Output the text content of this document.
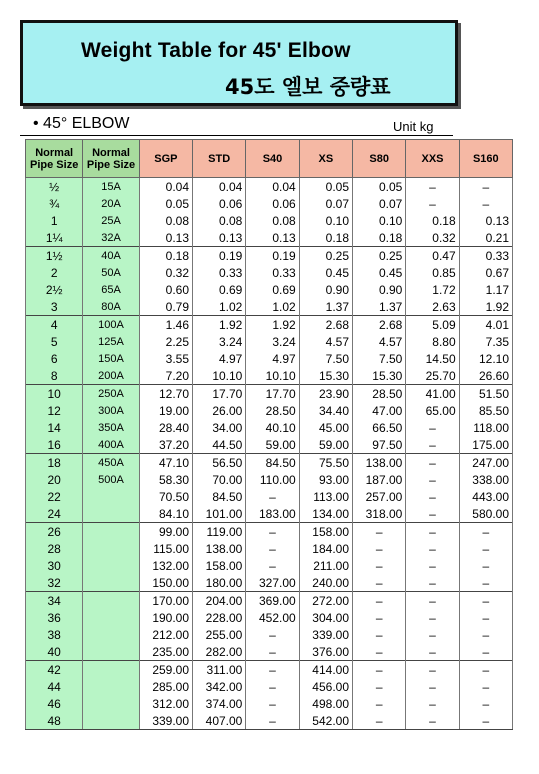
Weight Table for 45' Elbow
45도 엘보 중량표
• 45° ELBOW	Unit kg
Normal Pipe Size	Normal Pipe Size	SGP	STD	S40	XS	S80	XXS	S160
½	15A	0.04	0.04	0.04	0.05	0.05	–	–
¾	20A	0.05	0.06	0.06	0.07	0.07	–	–
1	25A	0.08	0.08	0.08	0.10	0.10	0.18	0.13
1¼	32A	0.13	0.13	0.13	0.18	0.18	0.32	0.21
1½	40A	0.18	0.19	0.19	0.25	0.25	0.47	0.33
2	50A	0.32	0.33	0.33	0.45	0.45	0.85	0.67
2½	65A	0.60	0.69	0.69	0.90	0.90	1.72	1.17
3	80A	0.79	1.02	1.02	1.37	1.37	2.63	1.92
4	100A	1.46	1.92	1.92	2.68	2.68	5.09	4.01
5	125A	2.25	3.24	3.24	4.57	4.57	8.80	7.35
6	150A	3.55	4.97	4.97	7.50	7.50	14.50	12.10
8	200A	7.20	10.10	10.10	15.30	15.30	25.70	26.60
10	250A	12.70	17.70	17.70	23.90	28.50	41.00	51.50
12	300A	19.00	26.00	28.50	34.40	47.00	65.00	85.50
14	350A	28.40	34.00	40.10	45.00	66.50	–	118.00
16	400A	37.20	44.50	59.00	59.00	97.50	–	175.00
18	450A	47.10	56.50	84.50	75.50	138.00	–	247.00
20	500A	58.30	70.00	110.00	93.00	187.00	–	338.00
22		70.50	84.50	–	113.00	257.00	–	443.00
24		84.10	101.00	183.00	134.00	318.00	–	580.00
26		99.00	119.00	–	158.00	–	–	–
28		115.00	138.00	–	184.00	–	–	–
30		132.00	158.00	–	211.00	–	–	–
32		150.00	180.00	327.00	240.00	–	–	–
34		170.00	204.00	369.00	272.00	–	–	–
36		190.00	228.00	452.00	304.00	–	–	–
38		212.00	255.00	–	339.00	–	–	–
40		235.00	282.00	–	376.00	–	–	–
42		259.00	311.00	–	414.00	–	–	–
44		285.00	342.00	–	456.00	–	–	–
46		312.00	374.00	–	498.00	–	–	–
48		339.00	407.00	–	542.00	–	–	–
